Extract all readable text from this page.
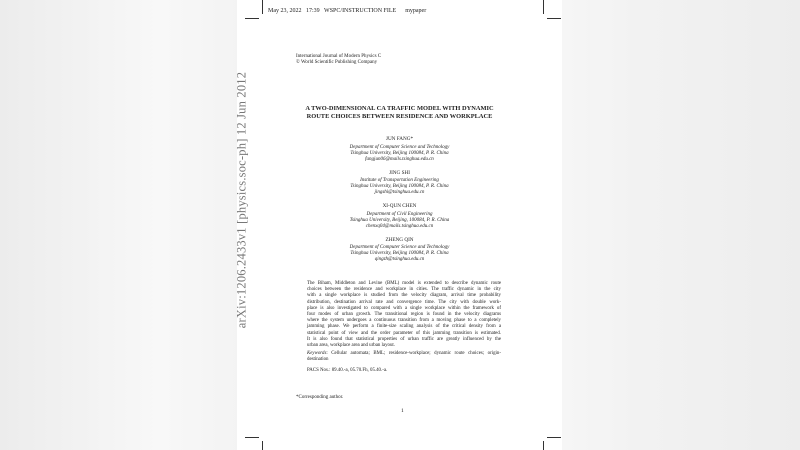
arXiv:1206.2433v1 [physics.soc-ph] 12 Jun 2012
May 23, 2022   17:39   WSPC/INSTRUCTION FILE      mypaper
International Journal of Modern Physics C
© World Scientific Publishing Company
A TWO-DIMENSIONAL CA TRAFFIC MODEL WITH DYNAMIC
ROUTE CHOICES BETWEEN RESIDENCE AND WORKPLACE
JUN FANG*
Department of Computer Science and Technology
Tsinghua University, Beijing 100084, P. R. China
fangjun06@mails.tsinghua.edu.cn
JING SHI
Institute of Transportation Engineering
Tsinghua University, Beijing 100084, P. R. China
jingshi@tsinghua.edu.cn
XI-QUN CHEN
Department of Civil Engineering
Tsinghua University, Beijing, 100084, P. R. China
chenxq04@mails.tsinghua.edu.cn
ZHENG QIN
Department of Computer Science and Technology
Tsinghua University, Beijing 100084, P. R. China
qingzh@tsinghua.edu.cn
The Biham, Middleton and Levine (BML) model is extended to describe dynamic route
choices between the residence and workplace in cities. The traffic dynamic in the city
with a single workplace is studied from the velocity diagram, arrival time probability
distribution, destination arrival rate and convergence time. The city with double work-
place is also investigated to compared with a single workplace within the framework of
four modes of urban growth. The transitional region is found in the velocity diagrams
where the system undergoes a continuous transition from a moving phase to a completely
jamming phase. We perform a finite-size scaling analysis of the critical density from a
statistical point of view and the order parameter of this jamming transition is estimated.
It is also found that statistical properties of urban traffic are greatly influenced by the
urban area, workplace area and urban layout.
Keywords: Cellular automata; BML; residence-workplace; dynamic route choices; origin-
destination
PACS Nos.: 89.40.-a, 05.70.Fh, 05.40.-a.
*Corresponding author.
1
